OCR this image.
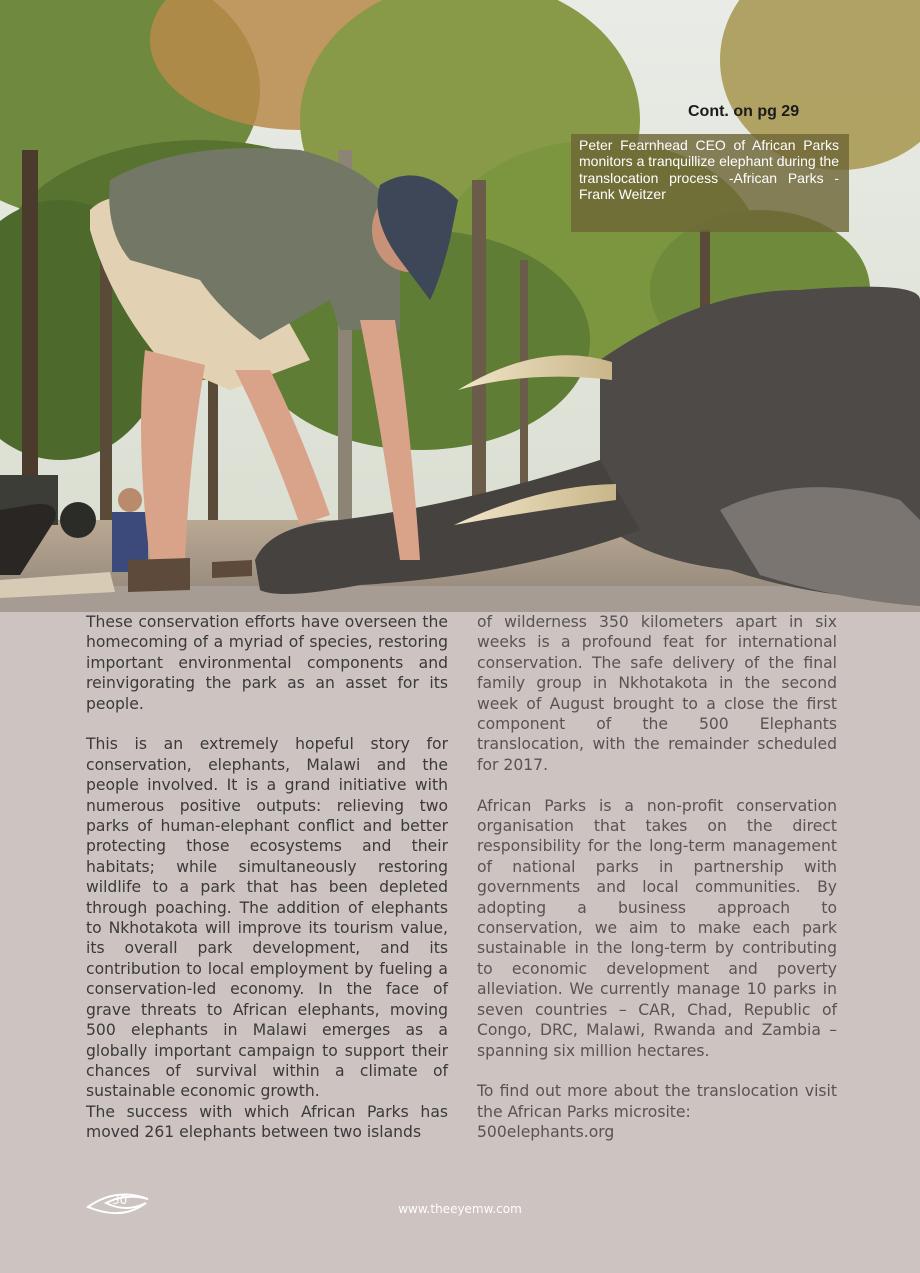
Cont. on pg 29
Peter Fearnhead CEO of African Parks monitors a tranquillize elephant during the translocation process -African Parks - Frank Weitzer

These conservation efforts have overseen the homecoming of a myriad of species, restoring important environmental components and reinvigorating the park as an asset for its people.

This is an extremely hopeful story for conservation, elephants, Malawi and the people involved. It is a grand initiative with numerous positive outputs: relieving two parks of human-elephant conflict and better protecting those ecosystems and their habitats; while simultaneously restoring wildlife to a park that has been depleted through poaching. The addition of elephants to Nkhotakota will improve its tourism value, its overall park development, and its contribution to local employment by fueling a conservation-led economy. In the face of grave threats to African elephants, moving 500 elephants in Malawi emerges as a globally important campaign to support their chances of survival within a climate of sustainable economic growth.

The success with which African Parks has moved 261 elephants between two islands

of wilderness 350 kilometers apart in six weeks is a profound feat for international conservation. The safe delivery of the final family group in Nkhotakota in the second week of August brought to a close the first component of the 500 Elephants translocation, with the remainder scheduled for 2017.

African Parks is a non-profit conservation organisation that takes on the direct responsibility for the long-term management of national parks in partnership with governments and local communities. By adopting a business approach to conservation, we aim to make each park sustainable in the long-term by contributing to economic development and poverty alleviation. We currently manage 10 parks in seven countries – CAR, Chad, Republic of Congo, DRC, Malawi, Rwanda and Zambia – spanning six million hectares.

To find out more about the translocation visit the African Parks microsite:

500elephants.org

30
www.theeyemw.com
